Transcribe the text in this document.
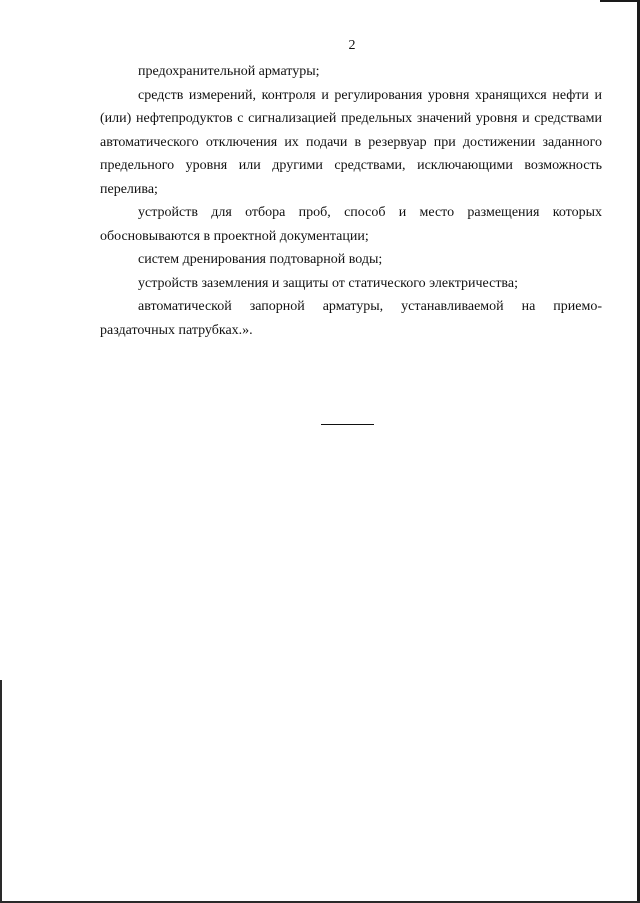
2

предохранительной арматуры;

средств измерений, контроля и регулирования уровня хранящихся нефти и (или) нефтепродуктов с сигнализацией предельных значений уровня и средствами автоматического отключения их подачи в резервуар при достижении заданного предельного уровня или другими средствами, исключающими возможность перелива;

устройств для отбора проб, способ и место размещения которых обосновываются в проектной документации;

систем дренирования подтоварной воды;

устройств заземления и защиты от статического электричества;

автоматической запорной арматуры, устанавливаемой на приемо-раздаточных патрубках.».
